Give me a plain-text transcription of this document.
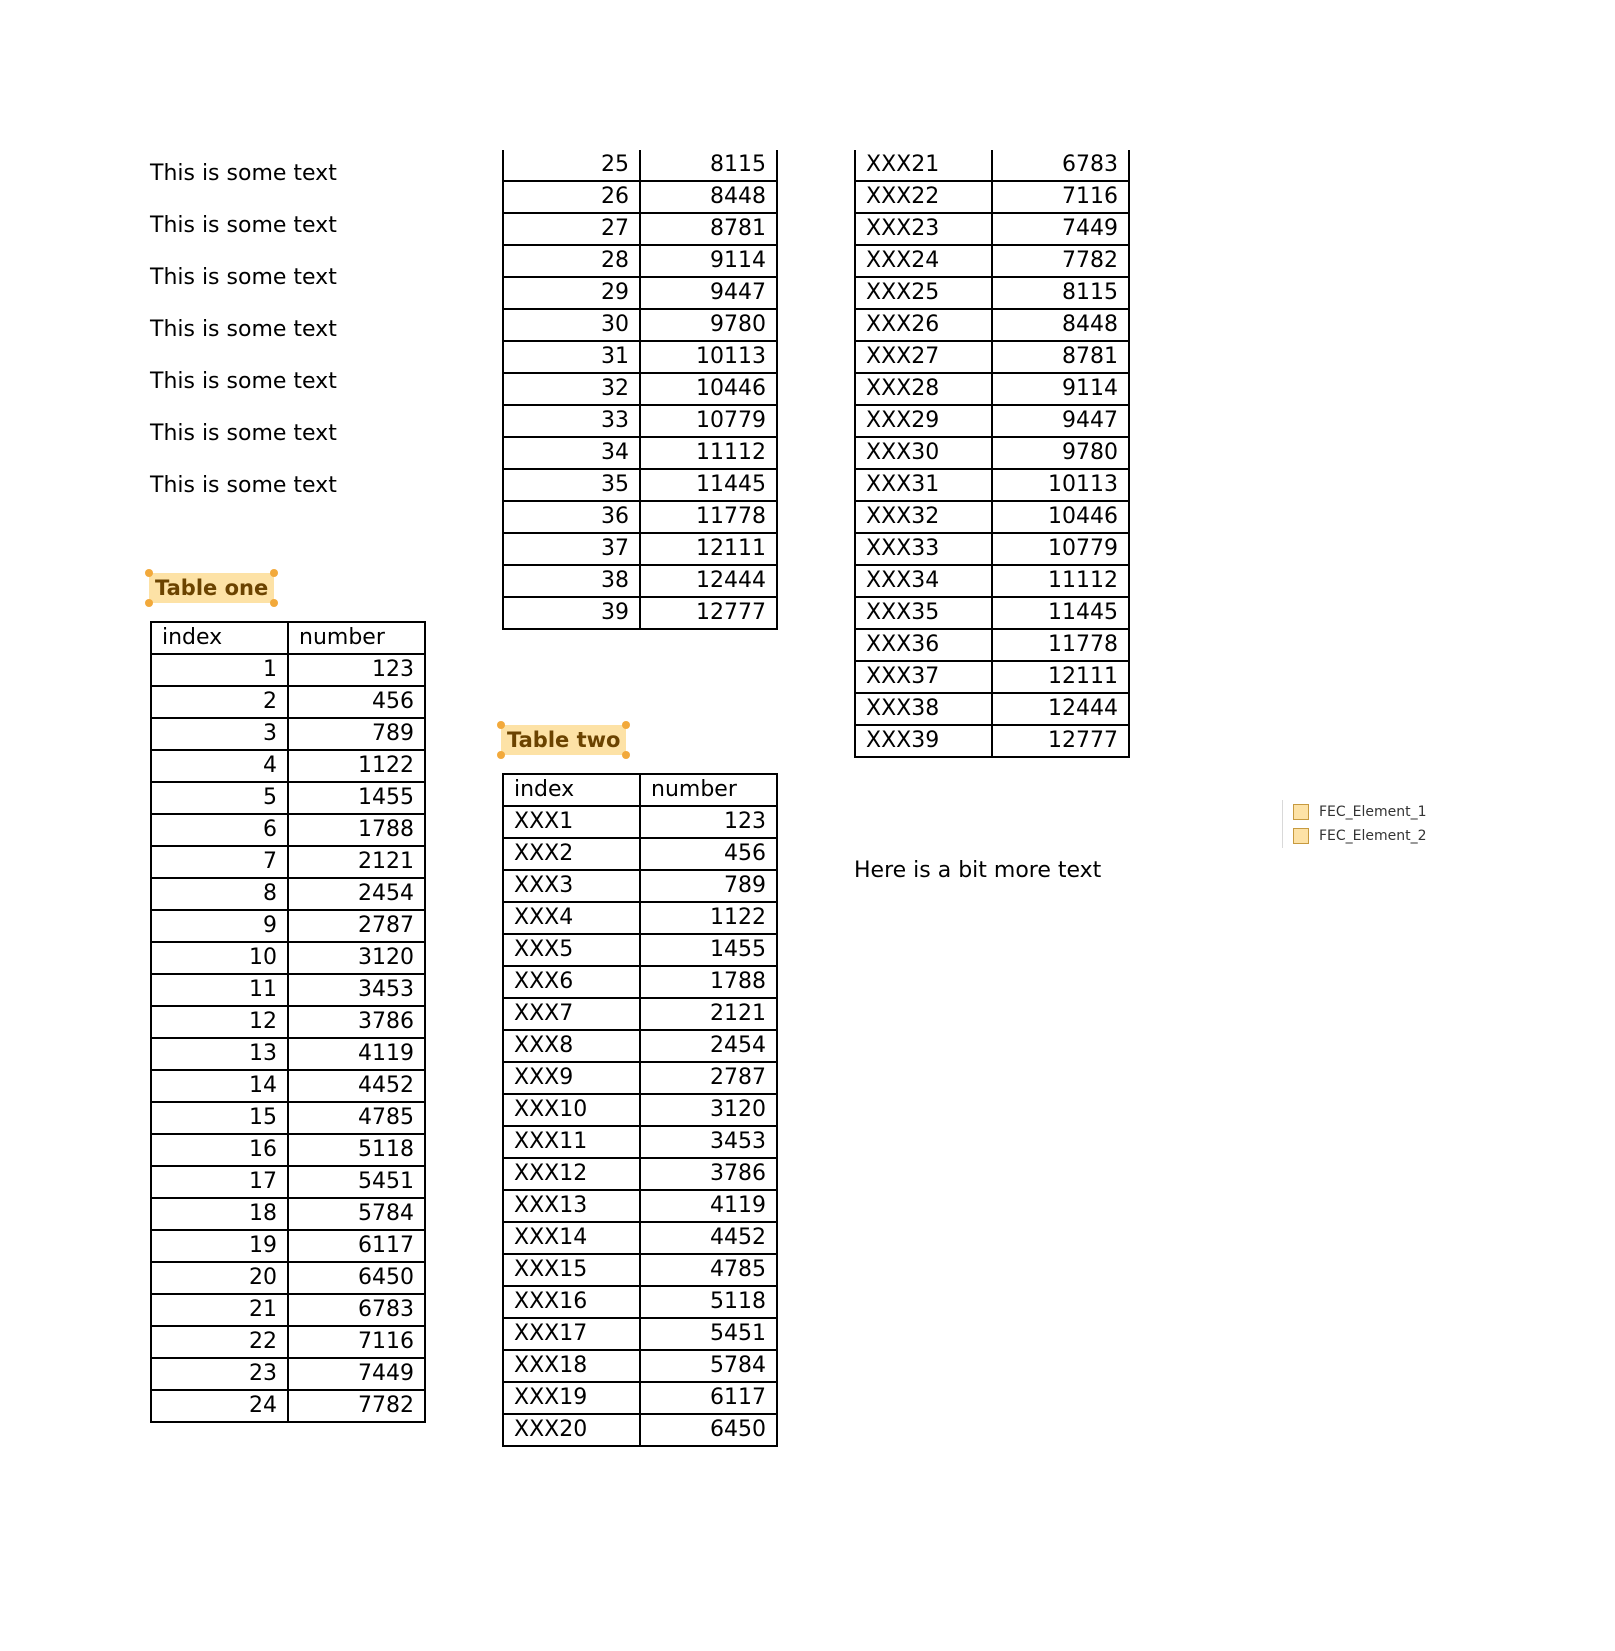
This is some text
This is some text
This is some text
This is some text
This is some text
This is some text
This is some text
Table one
index	number
1	123
2	456
3	789
4	1122
5	1455
6	1788
7	2121
8	2454
9	2787
10	3120
11	3453
12	3786
13	4119
14	4452
15	4785
16	5118
17	5451
18	5784
19	6117
20	6450
21	6783
22	7116
23	7449
24	7782
25	8115
26	8448
27	8781
28	9114
29	9447
30	9780
31	10113
32	10446
33	10779
34	11112
35	11445
36	11778
37	12111
38	12444
39	12777
Table two
index	number
XXX1	123
XXX2	456
XXX3	789
XXX4	1122
XXX5	1455
XXX6	1788
XXX7	2121
XXX8	2454
XXX9	2787
XXX10	3120
XXX11	3453
XXX12	3786
XXX13	4119
XXX14	4452
XXX15	4785
XXX16	5118
XXX17	5451
XXX18	5784
XXX19	6117
XXX20	6450
XXX21	6783
XXX22	7116
XXX23	7449
XXX24	7782
XXX25	8115
XXX26	8448
XXX27	8781
XXX28	9114
XXX29	9447
XXX30	9780
XXX31	10113
XXX32	10446
XXX33	10779
XXX34	11112
XXX35	11445
XXX36	11778
XXX37	12111
XXX38	12444
XXX39	12777
Here is a bit more text
FEC_Element_1
FEC_Element_2
